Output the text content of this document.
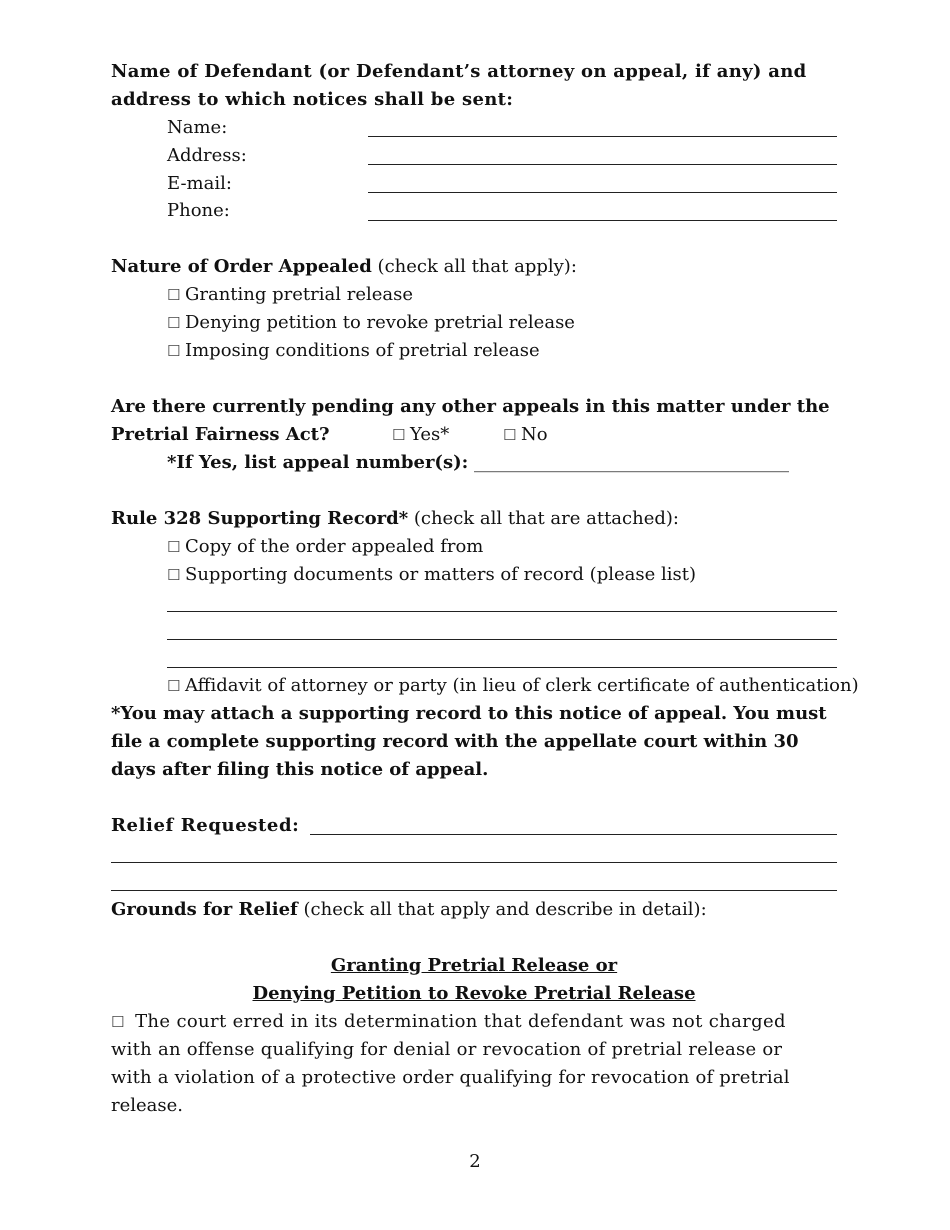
Name of Defendant (or Defendant’s attorney on appeal, if any) and
address to which notices shall be sent:
Name:
Address:
E-mail:
Phone:
Nature of Order Appealed (check all that apply):
☐ Granting pretrial release
☐ Denying petition to revoke pretrial release
☐ Imposing conditions of pretrial release
Are there currently pending any other appeals in this matter under the
Pretrial Fairness Act?	☐ Yes*	☐ No
*If Yes, list appeal number(s): ___________________________________
Rule 328 Supporting Record* (check all that are attached):
☐ Copy of the order appealed from
☐ Supporting documents or matters of record (please list)
☐ Affidavit of attorney or party (in lieu of clerk certificate of authentication)
*You may attach a supporting record to this notice of appeal. You must
file a complete supporting record with the appellate court within 30
days after filing this notice of appeal.
Relief Requested:
Grounds for Relief (check all that apply and describe in detail):
Granting Pretrial Release or
Denying Petition to Revoke Pretrial Release
☐ The court erred in its determination that defendant was not charged
with an offense qualifying for denial or revocation of pretrial release or
with a violation of a protective order qualifying for revocation of pretrial
release.
2
